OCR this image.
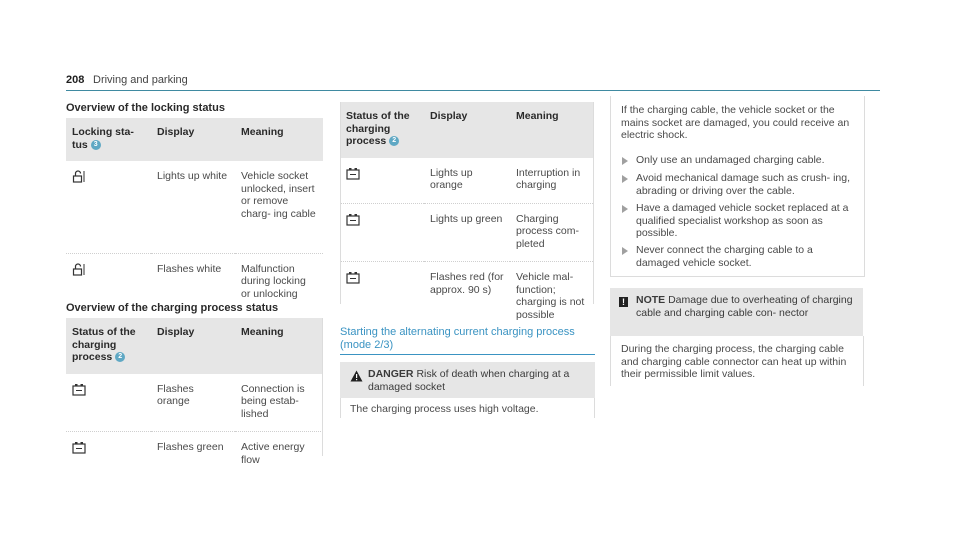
208 Driving and parking
Overview of the locking status
Locking sta- tus 3	Display	Meaning
	Lights up white	Vehicle socket unlocked, insert or remove charg- ing cable
	Flashes white	Malfunction during locking or unlocking
Overview of the charging process status
Status of the charging process 2	Display	Meaning
	Flashes orange	Connection is being estab- lished
	Flashes green	Active energy flow
Status of the charging process 2	Display	Meaning
	Lights up orange	Interruption in charging
	Lights up green	Charging process com- pleted
	Flashes red (for approx. 90 s)	Vehicle mal- function; charging is not possible
Starting the alternating current charging process (mode 2/3)
DANGER Risk of death when charging at a damaged socket
The charging process uses high voltage.
If the charging cable, the vehicle socket or the mains socket are damaged, you could receive an electric shock.
Only use an undamaged charging cable.
Avoid mechanical damage such as crush- ing, abrading or driving over the cable.
Have a damaged vehicle socket replaced at a qualified specialist workshop as soon as possible.
Never connect the charging cable to a damaged vehicle socket.
! NOTE Damage due to overheating of charging cable and charging cable con- nector
During the charging process, the charging cable and charging cable connector can heat up within their permissible limit values.
